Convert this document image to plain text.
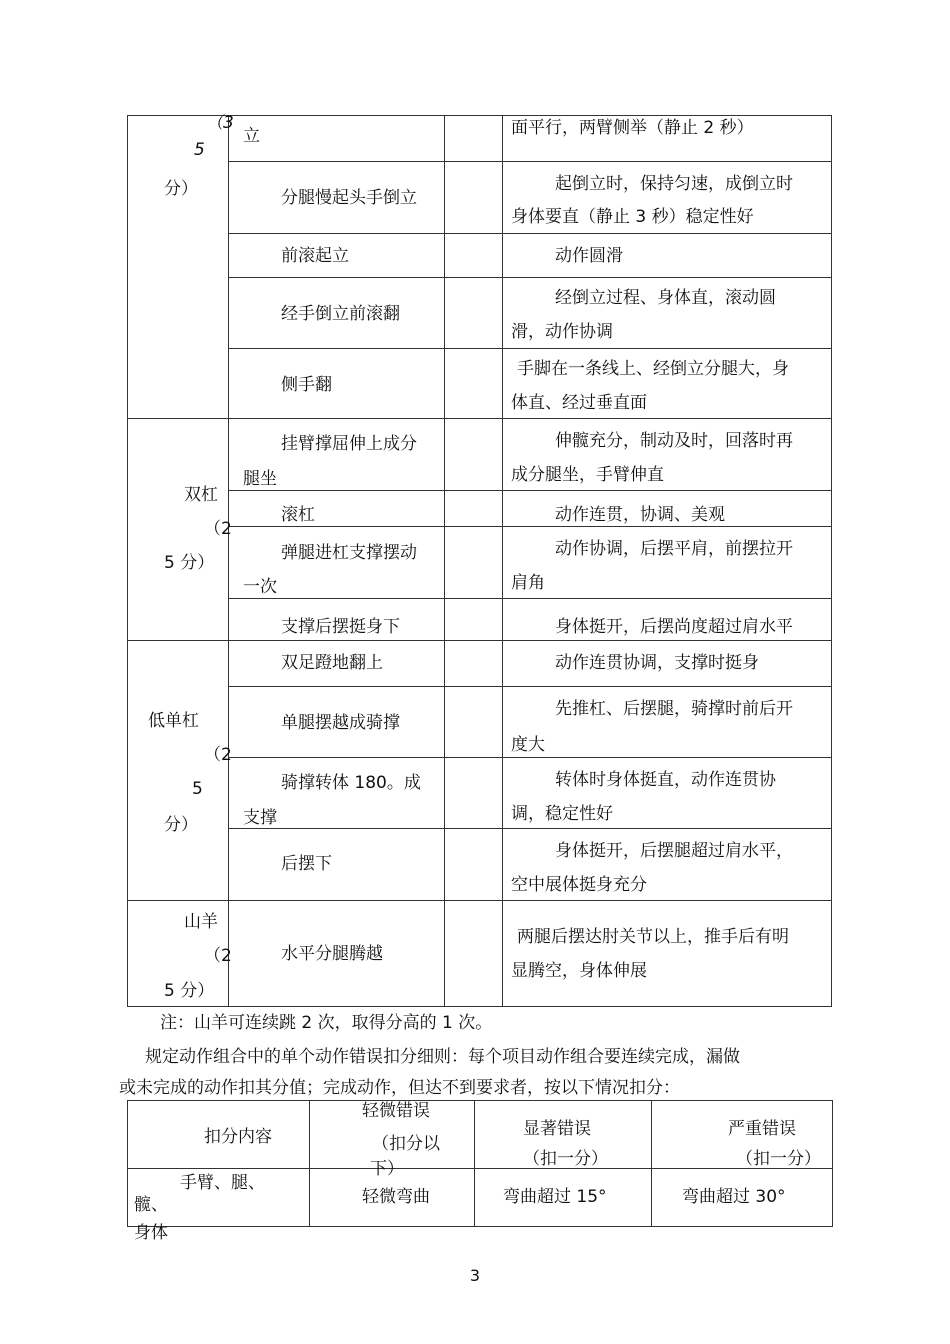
（3
5
分）	立		面平行，两臂侧举（静止 2 秒）

	分腿慢起头手倒立		起倒立时，保持匀速，成倒立时
身体要直（静止 3 秒）稳定性好

	前滚起立		动作圆滑

	经手倒立前滚翻		经倒立过程、身体直，滚动圆
滑，动作协调

	侧手翻		手脚在一条线上、经倒立分腿大，身
体直、经过垂直面

双杠
（2
5 分）	挂臂撑屈伸上成分
腿坐		伸髋充分，制动及时，回落时再
成分腿坐，手臂伸直

	滚杠		动作连贯，协调、美观

	弹腿进杠支撑摆动
一次		动作协调，后摆平肩，前摆拉开
肩角

	支撑后摆挺身下		身体挺开，后摆尚度超过肩水平

低单杠
（2
5
分）	双足蹬地翻上		动作连贯协调，支撑时挺身

	单腿摆越成骑撑		先推杠、后摆腿，骑撑时前后开
度大

	骑撑转体 180。成
支撑		转体时身体挺直，动作连贯协
调，稳定性好

	后摆下		身体挺开，后摆腿超过肩水平，
空中展体挺身充分

山羊
（2
5 分）	水平分腿腾越		两腿后摆达肘关节以上，推手后有明
显腾空，身体伸展
注：山羊可连续跳 2 次，取得分高的 1 次。
规定动作组合中的单个动作错误扣分细则：每个项目动作组合要连续完成，漏做
或未完成的动作扣其分值；完成动作，但达不到要求者，按以下情况扣分：
扣分内容	轻微错误
（扣分以
下）	显著错误
（扣一分）	严重错误
（扣一分）

手臂、腿、
髋、
身体	轻微弯曲	弯曲超过 15°	弯曲超过 30°
3
